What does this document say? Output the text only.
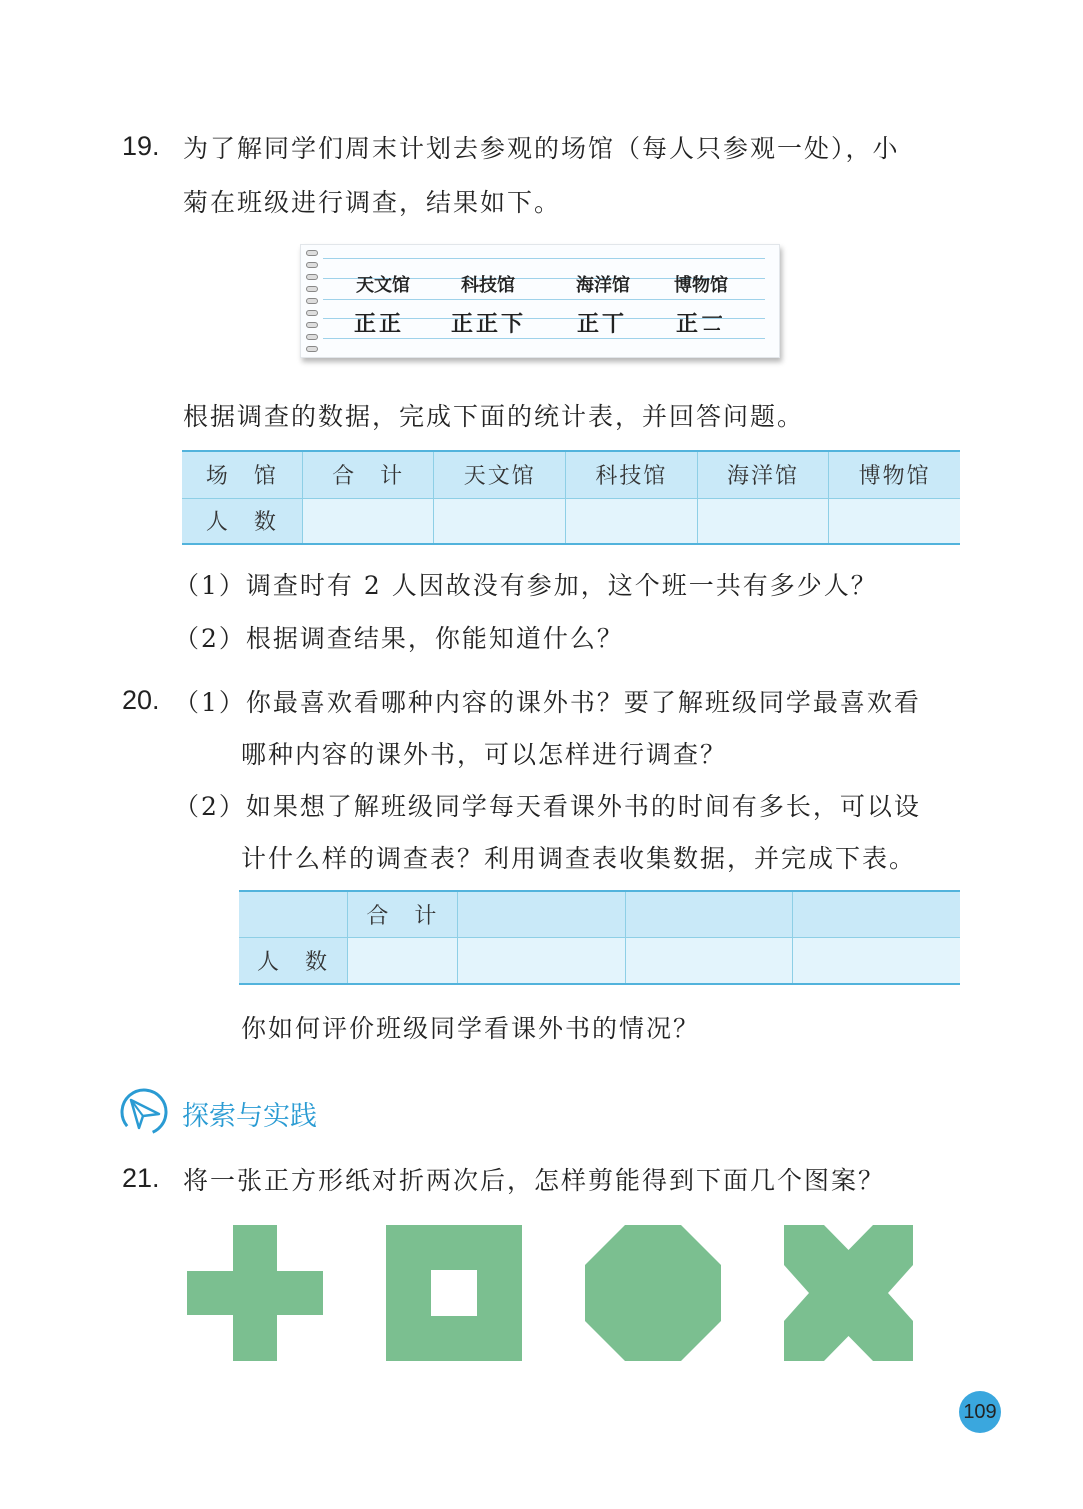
19. 为了解同学们周末计划去参观的场馆（每人只参观一处），小
菊在班级进行调查，结果如下。
天文馆	科技馆	海洋馆 博物馆
正正 正正下 正丅 正𠄟
根据调查的数据，完成下面的统计表，并回答问题。
场　馆	合　计	天文馆	科技馆	海洋馆	博物馆
人　数					
（1）调查时有 2 人因故没有参加，这个班一共有多少人？
（2）根据调查结果，你能知道什么？
20. （1）你最喜欢看哪种内容的课外书？要了解班级同学最喜欢看
哪种内容的课外书，可以怎样进行调查？
（2）如果想了解班级同学每天看课外书的时间有多长，可以设
计什么样的调查表？利用调查表收集数据，并完成下表。
	合　计			
人　数				
你如何评价班级同学看课外书的情况？
探索与实践
21. 将一张正方形纸对折两次后，怎样剪能得到下面几个图案？
109
